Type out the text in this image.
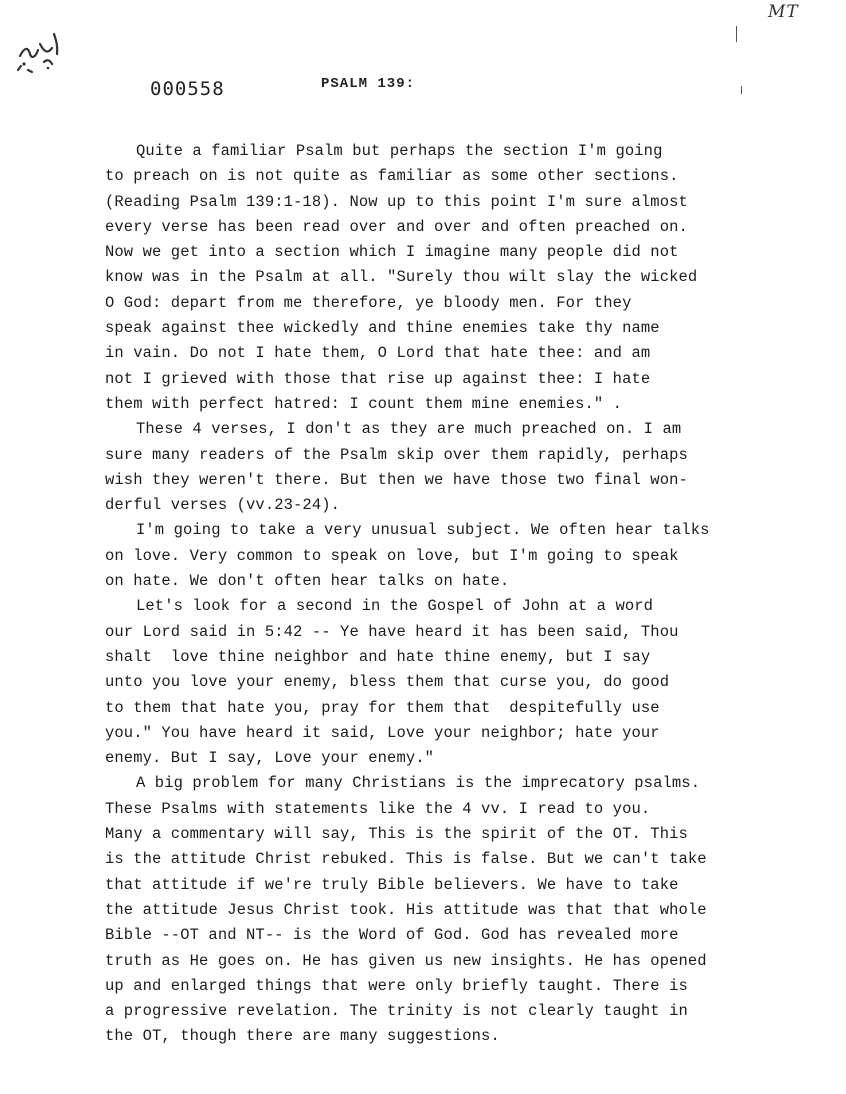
MT
000558	PSALM 139:
Quite a familiar Psalm but perhaps the section I'm going
to preach on is not quite as familiar as some other sections.
(Reading Psalm 139:1-18). Now up to this point I'm sure almost
every verse has been read over and over and often preached on.
Now we get into a section which I imagine many people did not
know was in the Psalm at all. "Surely thou wilt slay the wicked
O God: depart from me therefore, ye bloody men. For they
speak against thee wickedly and thine enemies take thy name
in vain. Do not I hate them, O Lord that hate thee: and am
not I grieved with those that rise up against thee: I hate
them with perfect hatred: I count them mine enemies." .
These 4 verses, I don't as they are much preached on. I am
sure many readers of the Psalm skip over them rapidly, perhaps
wish they weren't there. But then we have those two final won-
derful verses (vv.23-24).
I'm going to take a very unusual subject. We often hear talks
on love. Very common to speak on love, but I'm going to speak
on hate. We don't often hear talks on hate.
Let's look for a second in the Gospel of John at a word
our Lord said in 5:42 -- Ye have heard it has been said, Thou
shalt  love thine neighbor and hate thine enemy, but I say
unto you love your enemy, bless them that curse you, do good
to them that hate you, pray for them that  despitefully use
you." You have heard it said, Love your neighbor; hate your
enemy. But I say, Love your enemy."
A big problem for many Christians is the imprecatory psalms.
These Psalms with statements like the 4 vv. I read to you.
Many a commentary will say, This is the spirit of the OT. This
is the attitude Christ rebuked. This is false. But we can't take
that attitude if we're truly Bible believers. We have to take
the attitude Jesus Christ took. His attitude was that that whole
Bible --OT and NT-- is the Word of God. God has revealed more
truth as He goes on. He has given us new insights. He has opened
up and enlarged things that were only briefly taught. There is
a progressive revelation. The trinity is not clearly taught in
the OT, though there are many suggestions.
